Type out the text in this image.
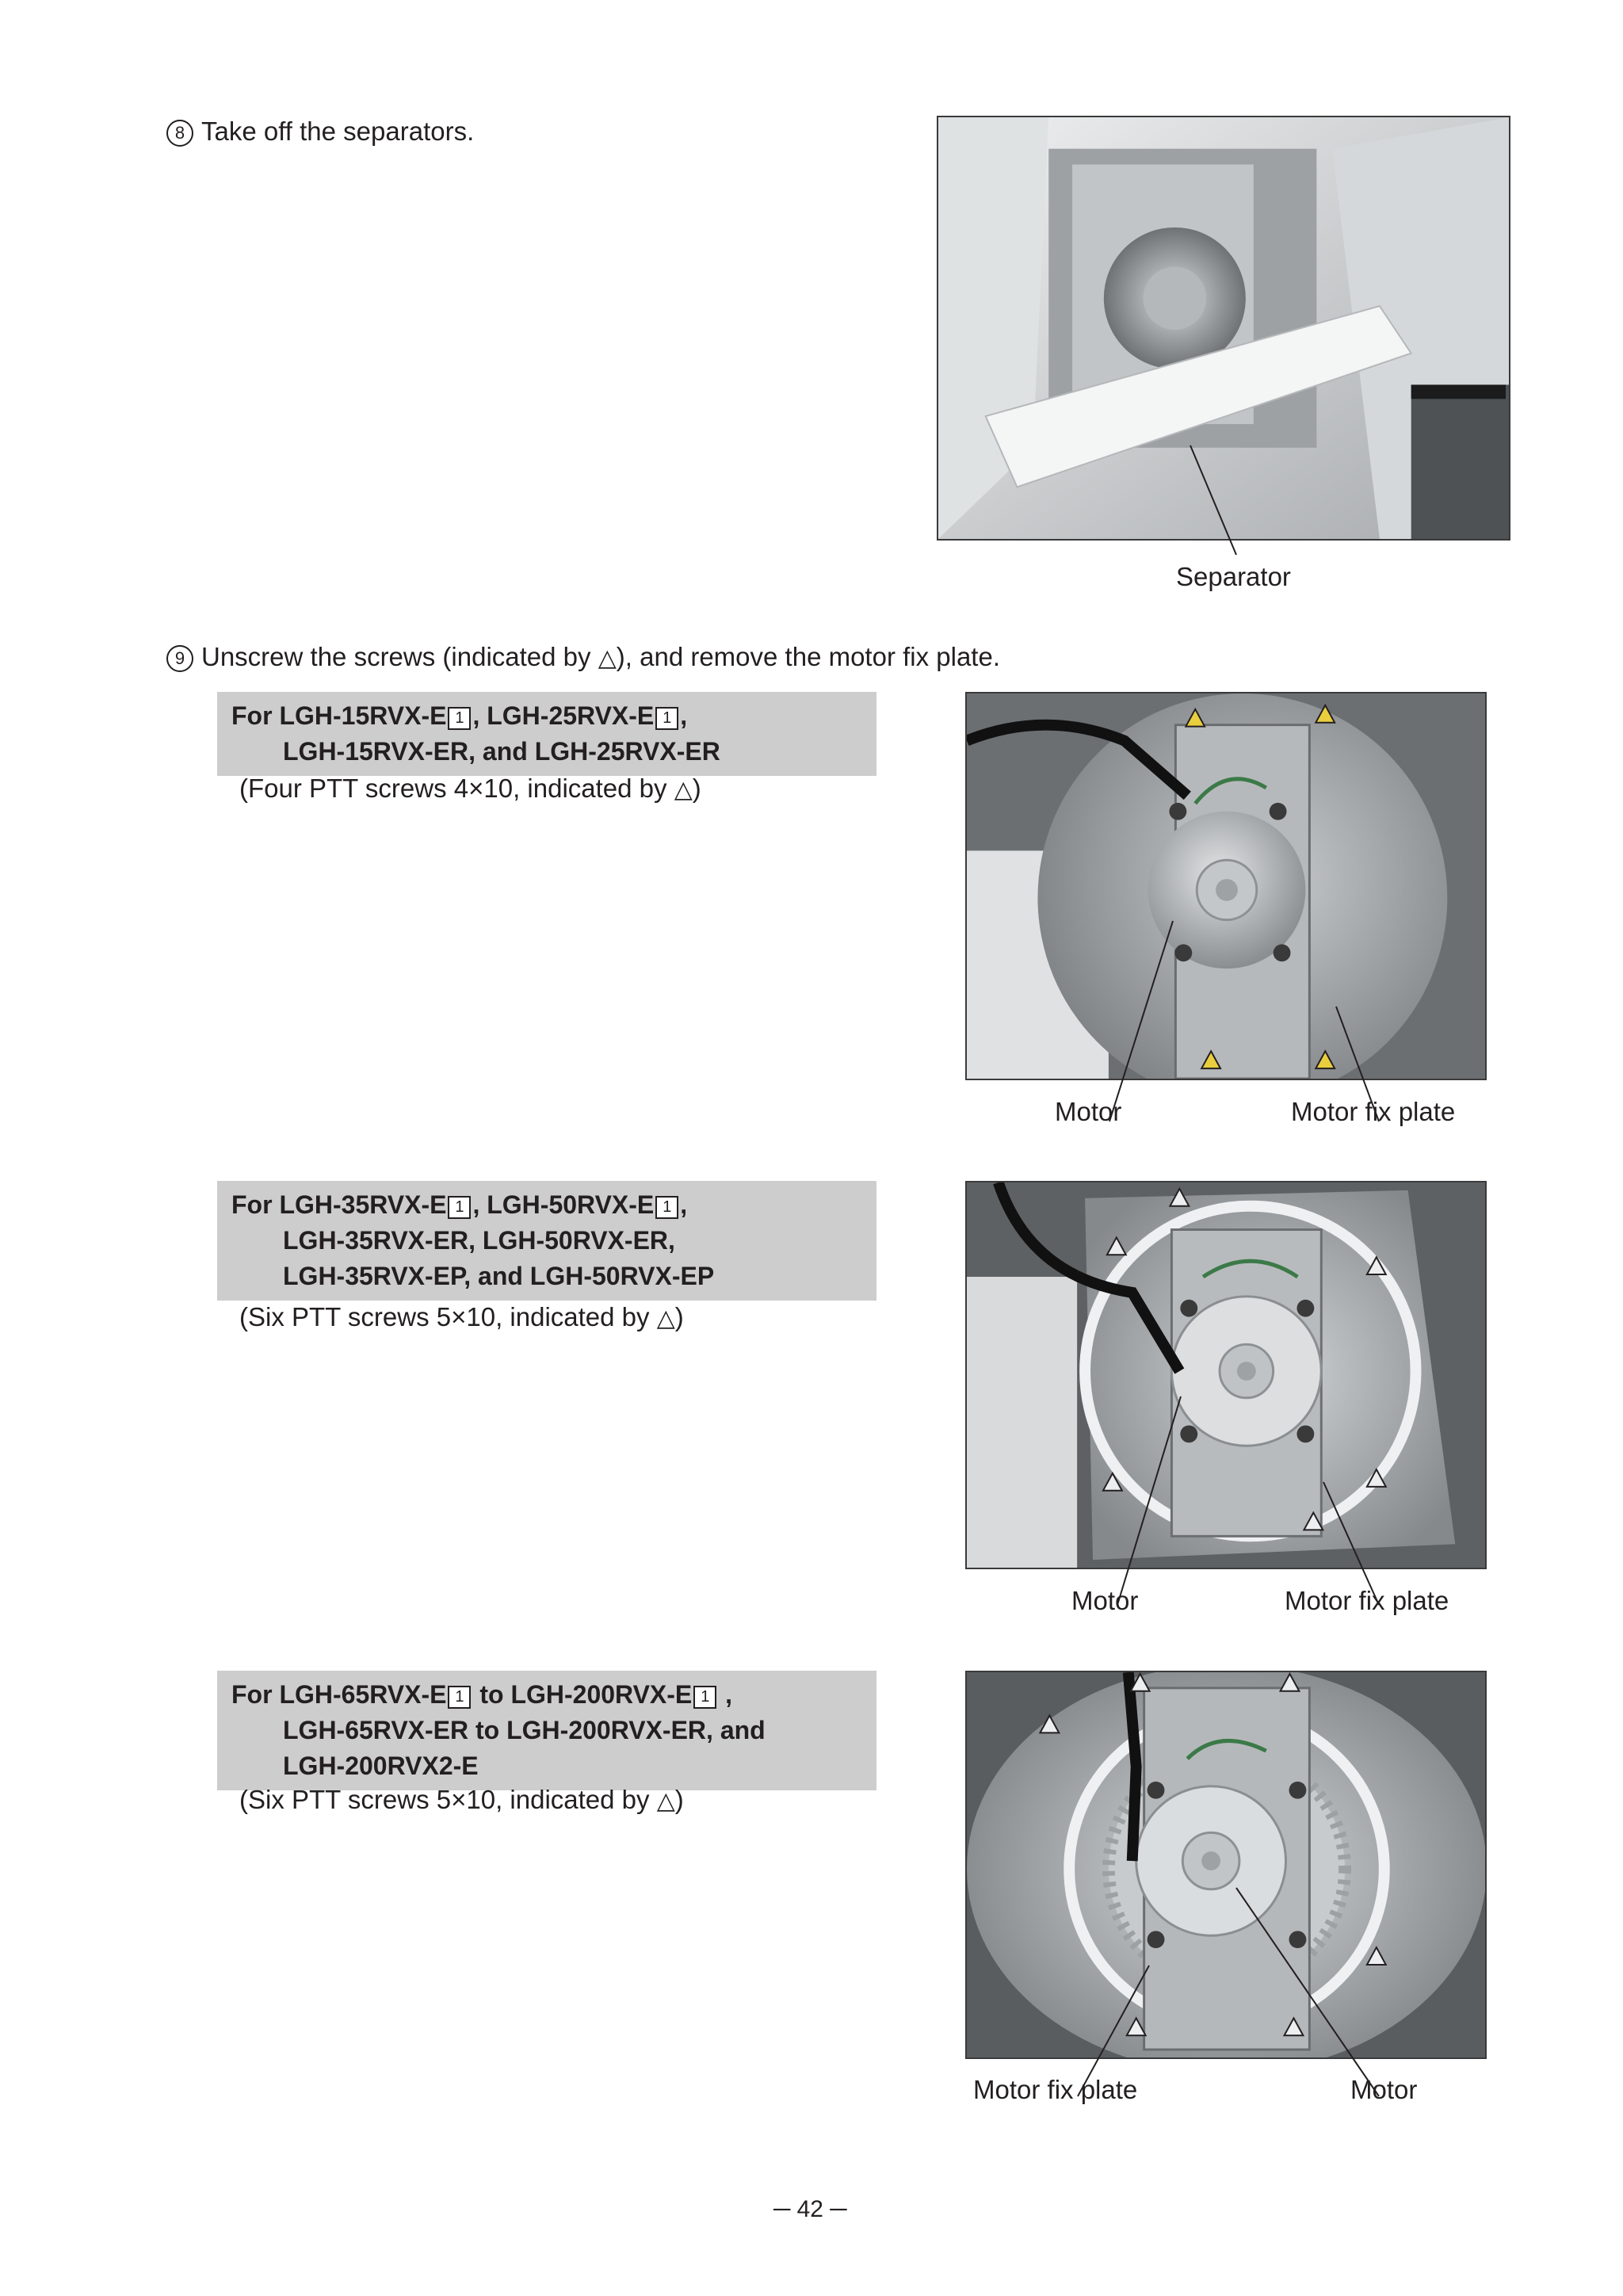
8 Take off the separators.
Separator
9 Unscrew the screws (indicated by △), and remove the motor fix plate.
For LGH-15RVX-E 1 , LGH-25RVX-E 1 ,
LGH-15RVX-ER, and LGH-25RVX-ER
(Four PTT screws 4×10, indicated by △)
Motor	Motor fix plate
For LGH-35RVX-E 1 , LGH-50RVX-E 1 ,
LGH-35RVX-ER, LGH-50RVX-ER,
LGH-35RVX-EP, and LGH-50RVX-EP
(Six PTT screws 5×10, indicated by △)
Motor	Motor fix plate
For LGH-65RVX-E 1 to LGH-200RVX-E 1 ,
LGH-65RVX-ER to LGH-200RVX-ER, and
LGH-200RVX2-E
(Six PTT screws 5×10, indicated by △)
Motor fix plate	Motor
─ 42 ─
